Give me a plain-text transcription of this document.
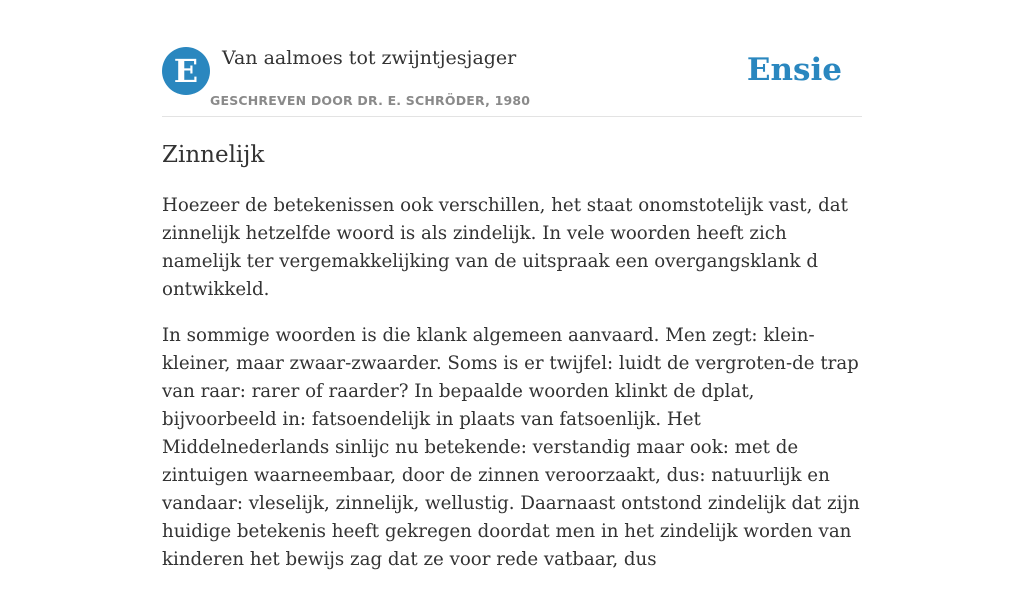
E	Van aalmoes tot zwijntjesjager
GESCHREVEN DOOR DR. E. SCHRÖDER, 1980
Ensie
Zinnelijk

Hoezeer de betekenissen ook verschillen, het staat onomstotelijk vast, dat zinnelijk hetzelfde woord is als zindelijk. In vele woorden heeft zich namelijk ter vergemakkelijking van de uitspraak een overgangsklank d ontwikkeld.

In sommige woorden is die klank algemeen aanvaard. Men zegt: klein-kleiner, maar zwaar-zwaarder. Soms is er twijfel: luidt de vergroten-de trap van raar: rarer of raarder? In bepaalde woorden klinkt de dplat, bijvoorbeeld in: fatsoendelijk in plaats van fatsoenlijk. Het Middelnederlands sinlijc nu betekende: verstandig maar ook: met de zintuigen waarneembaar, door de zinnen veroorzaakt, dus: natuurlijk en vandaar: vleselijk, zinnelijk, wellustig. Daarnaast ontstond zindelijk dat zijn huidige betekenis heeft gekregen doordat men in het zindelijk worden van kinderen het bewijs zag dat ze voor rede vatbaar, dus
